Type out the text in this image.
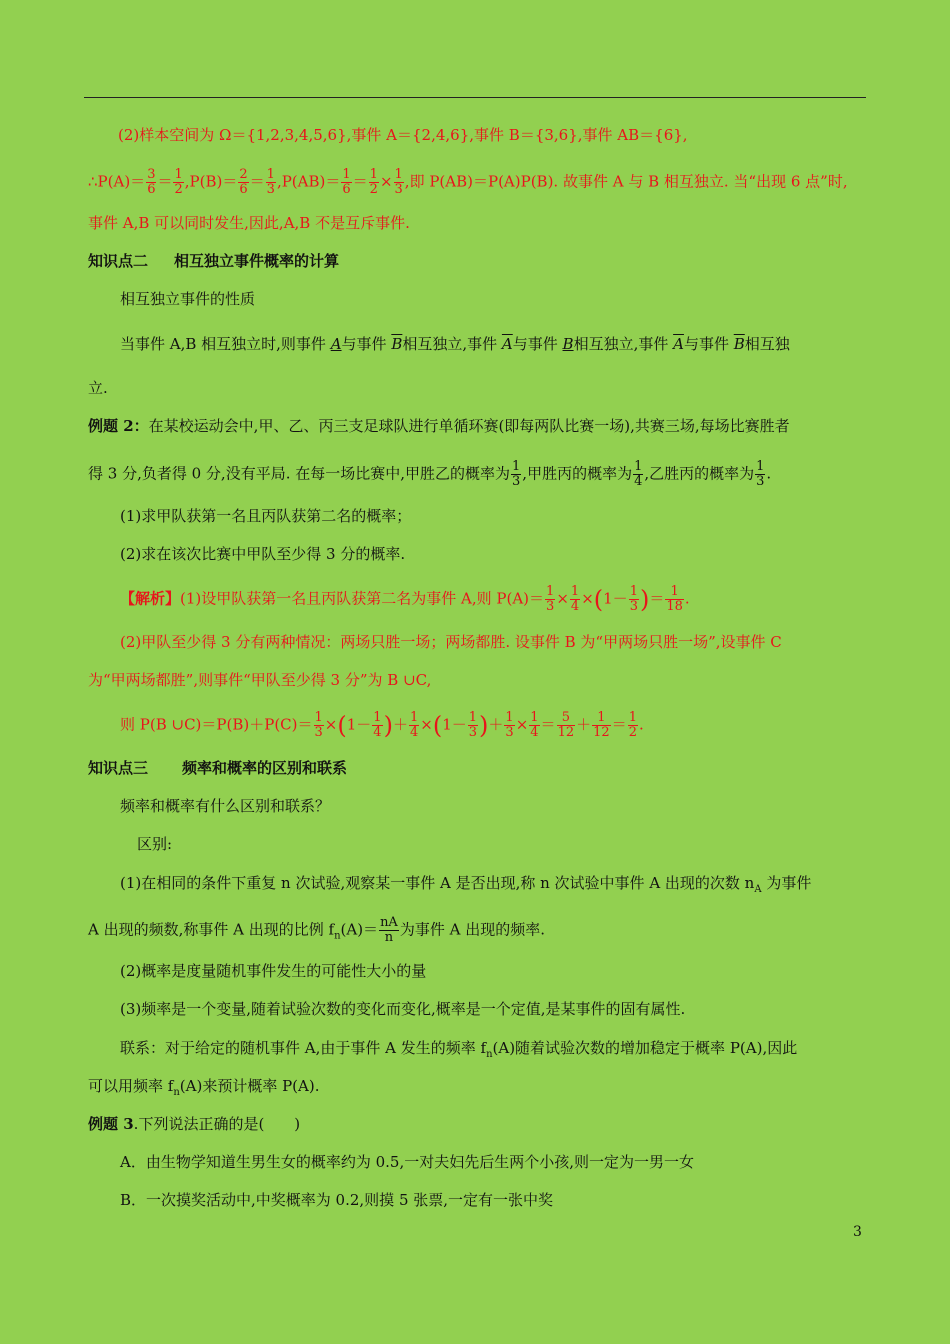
(2)样本空间为 Ω＝{1,2,3,4,5,6},事件 A＝{2,4,6},事件 B＝{3,6},事件 AB＝{6},
∴P(A)＝ $\frac{3}{6} = \frac{1}{2} ,P(B)= \frac{2}{6} = \frac{1}{3} ,P(AB)= \frac{1}{6} = \frac{1}{2} \times \frac{1}{3}$ ,即 P(AB)＝P(A)P(B). 故事件 A 与 B 相互独立. 当“出现 6 点”时,
事件 A,B 可以同时发生,因此,A,B 不是互斥事件.
知识点二 相互独立事件概率的计算
相互独立事件的性质
当事件 A,B 相互独立时,则事件 A与事件 $\overline{B}$相互独立,事件 $\overline{A}$与事件 B相互独立,事件 $\overline{A}$与事件 $\overline{B}$相互独
立.
例题 2：在某校运动会中,甲、乙、丙三支足球队进行单循环赛(即每两队比赛一场),共赛三场,每场比赛胜者
得 3 分,负者得 0 分,没有平局. 在每一场比赛中,甲胜乙的概率为 $\frac{1}{3}$ ,甲胜丙的概率为 $\frac{1}{4}$ ,乙胜丙的概率为 $\frac{1}{3}$ .
(1)求甲队获第一名且丙队获第二名的概率；
(2)求在该次比赛中甲队至少得 3 分的概率.
【解析】(1)设甲队获第一名且丙队获第二名为事件 A,则 $P(A)= \frac{1}{3} \times \frac{1}{4} \times(1- \frac{1}{3}$ )＝ $\frac{1}{18}$ .
(2)甲队至少得 3 分有两种情况：两场只胜一场；两场都胜. 设事件 B 为“甲两场只胜一场”,设事件 C
为“甲两场都胜”,则事件“甲队至少得 3 分”为 B ∪C,
则 P(B ∪C)＝P(B)＋P(C)＝ $\frac{1}{3} \times(1- \frac{1}{4}$ )＋ $\frac{1}{4} \times(1- \frac{1}{3}$ )＋ $\frac{1}{3} \times \frac{1}{4} = \frac{5}{12} + \frac{1}{12} = \frac{1}{2}$ .
知识点三 频率和概率的区别和联系
频率和概率有什么区别和联系？
区别:
(1)在相同的条件下重复 n 次试验,观察某一事件 A 是否出现,称 n 次试验中事件 A 出现的次数 $n_A$ 为事件
A 出现的频数,称事件 A 出现的比例 $f_n(A)= \frac{nA}{n}$ 为事件 A 出现的频率.
(2)概率是度量随机事件发生的可能性大小的量
(3)频率是一个变量,随着试验次数的变化而变化,概率是一个定值,是某事件的固有属性.
联系：对于给定的随机事件 A,由于事件 A 发生的频率 $f_n(A)$随着试验次数的增加稳定于概率 P(A),因此
可以用频率 $f_n(A)$来预计概率 P(A).
例题 3.下列说法正确的是(　　)
A．由生物学知道生男生女的概率约为 0.5,一对夫妇先后生两个小孩,则一定为一男一女
B．一次摸奖活动中,中奖概率为 0.2,则摸 5 张票,一定有一张中奖
3
